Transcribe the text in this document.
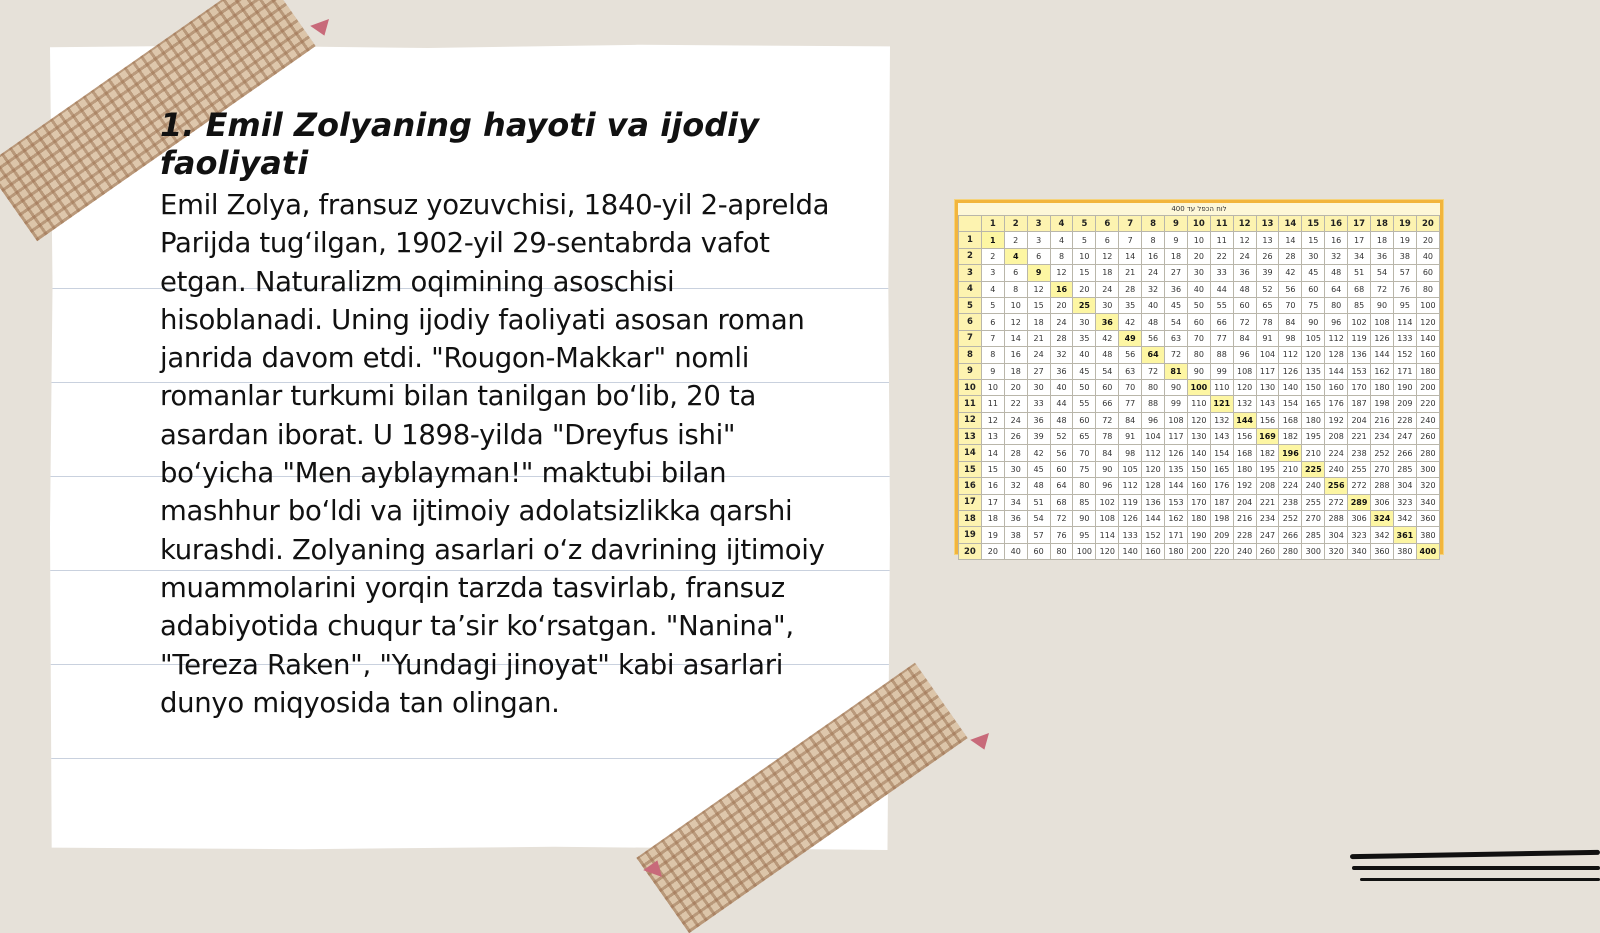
1. Emil Zolyaning hayoti va ijodiy faoliyati

Emil Zolya, fransuz yozuvchisi, 1840-yil 2-aprelda Parijda tug‘ilgan, 1902-yil 29-sentabrda vafot etgan. Naturalizm oqimining asoschisi hisoblanadi. Uning ijodiy faoliyati asosan roman janrida davom etdi. "Rougon-Makkar" nomli romanlar turkumi bilan tanilgan bo‘lib, 20 ta asardan iborat. U 1898-yilda "Dreyfus ishi" bo‘yicha "Men ayblayman!" maktubi bilan mashhur bo‘ldi va ijtimoiy adolatsizlikka qarshi kurashdi. Zolyaning asarlari o‘z davrining ijtimoiy muammolarini yorqin tarzda tasvirlab, fransuz adabiyotida chuqur ta’sir ko‘rsatgan. "Nanina", "Tereza Raken", "Yundagi jinoyat" kabi asarlari dunyo miqyosida tan olingan.

לוח הכפל עד 400
	1	2	3	4	5	6	7	8	9	10	11	12	13	14	15	16	17	18	19	20
1	1	2	3	4	5	6	7	8	9	10	11	12	13	14	15	16	17	18	19	20
2	2	4	6	8	10	12	14	16	18	20	22	24	26	28	30	32	34	36	38	40
3	3	6	9	12	15	18	21	24	27	30	33	36	39	42	45	48	51	54	57	60
4	4	8	12	16	20	24	28	32	36	40	44	48	52	56	60	64	68	72	76	80
5	5	10	15	20	25	30	35	40	45	50	55	60	65	70	75	80	85	90	95	100
6	6	12	18	24	30	36	42	48	54	60	66	72	78	84	90	96	102	108	114	120
7	7	14	21	28	35	42	49	56	63	70	77	84	91	98	105	112	119	126	133	140
8	8	16	24	32	40	48	56	64	72	80	88	96	104	112	120	128	136	144	152	160
9	9	18	27	36	45	54	63	72	81	90	99	108	117	126	135	144	153	162	171	180
10	10	20	30	40	50	60	70	80	90	100	110	120	130	140	150	160	170	180	190	200
11	11	22	33	44	55	66	77	88	99	110	121	132	143	154	165	176	187	198	209	220
12	12	24	36	48	60	72	84	96	108	120	132	144	156	168	180	192	204	216	228	240
13	13	26	39	52	65	78	91	104	117	130	143	156	169	182	195	208	221	234	247	260
14	14	28	42	56	70	84	98	112	126	140	154	168	182	196	210	224	238	252	266	280
15	15	30	45	60	75	90	105	120	135	150	165	180	195	210	225	240	255	270	285	300
16	16	32	48	64	80	96	112	128	144	160	176	192	208	224	240	256	272	288	304	320
17	17	34	51	68	85	102	119	136	153	170	187	204	221	238	255	272	289	306	323	340
18	18	36	54	72	90	108	126	144	162	180	198	216	234	252	270	288	306	324	342	360
19	19	38	57	76	95	114	133	152	171	190	209	228	247	266	285	304	323	342	361	380
20	20	40	60	80	100	120	140	160	180	200	220	240	260	280	300	320	340	360	380	400
